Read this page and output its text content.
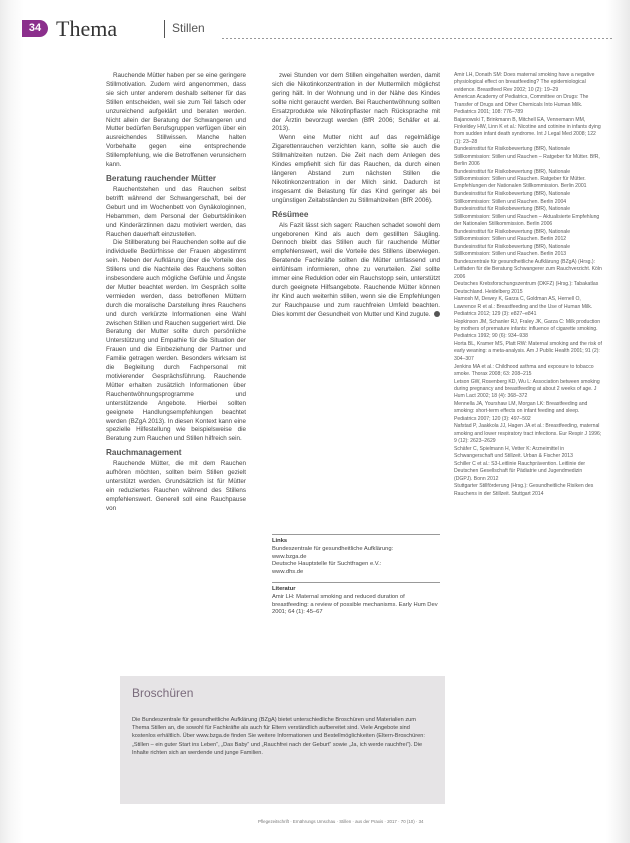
34 Thema	Stillen

Rauchende Mütter haben per se eine geringere Stillmotivation. Zudem wird angenommen, dass sie sich unter anderem deshalb seltener für das Stillen entscheiden, weil sie zum Teil falsch oder unzureichend aufgeklärt und beraten werden. Nicht allein der Beratung der Schwangeren und Mutter bedürfen Berufsgruppen verfügen über ein ausreichendes Stillwissen. Manche halten Vorbehalte gegen eine entsprechende Stillempfehlung, wie die Betroffenen verunsichern kann.

Beratung rauchender Mütter

Rauchentstehen und das Rauchen selbst betrifft während der Schwangerschaft, bei der Geburt und im Wochenbett von Gynäkologinnen, Hebammen, dem Personal der Geburtskliniken und Kinderärztinnen dazu motiviert werden, das Rauchen dauerhaft einzustellen.

Die Stillberatung bei Rauchenden sollte auf die individuelle Bedürfnisse der Frauen abgestimmt sein. Neben der Aufklärung über die Vorteile des Stillens und die Nachteile des Rauchens sollten insbesondere auch mögliche Gefühle und Ängste der Mutter beachtet werden. Im Gespräch sollte vermieden werden, dass betroffenen Müttern durch die moralische Darstellung ihres Rauchens und durch verkürzte Informationen eine Wahl zwischen Stillen und Rauchen suggeriert wird. Die Beratung der Mutter sollte durch persönliche Unterstützung und Empathie für die Situation der Frauen und die Einbeziehung der Partner und Familie getragen werden. Besonders wirksam ist die Begleitung durch Fachpersonal mit motivierender Gesprächsführung. Rauchende Mütter erhalten zusätzlich Informationen über Rauchentwöhnungsprogramme und unterstützende Angebote. Hierbei sollten geeignete Handlungsempfehlungen beachtet werden (BZgA 2013). In diesen Kontext kann eine spezielle Hilfestellung wie beispielsweise die Beratung zum Rauchen und Stillen hilfreich sein.

Rauchmanagement

Rauchende Mütter, die mit dem Rauchen aufhören möchten, sollten beim Stillen gezielt unterstützt werden. Grundsätzlich ist für Mütter ein reduziertes Rauchen während des Stillens empfehlenswert. Generell soll eine Rauchpause von

zwei Stunden vor dem Stillen eingehalten werden, damit sich die Nikotinkonzentration in der Muttermilch möglichst gering hält. In der Wohnung und in der Nähe des Kindes sollte nicht geraucht werden. Bei Rauchentwöhnung sollten Ersatzprodukte wie Nikotinpflaster nach Rücksprache mit der Ärztin bevorzugt werden (BfR 2006; Schäfer et al. 2013).

Wenn eine Mutter nicht auf das regelmäßige Zigarettenrauchen verzichten kann, sollte sie auch die Stillmahlzeiten nutzen. Die Zeit nach dem Anlegen des Kindes empfiehlt sich für das Rauchen, da durch einen längeren Abstand zum nächsten Stillen die Nikotinkonzentration in der Milch sinkt. Dadurch ist insgesamt die Belastung für das Kind geringer als bei ungünstigen Zeitabständen zu Stillmahlzeiten (BfR 2006).

Résümee

Als Fazit lässt sich sagen: Rauchen schadet sowohl dem ungeborenen Kind als auch dem gestillten Säugling. Dennoch bleibt das Stillen auch für rauchende Mütter empfehlenswert, weil die Vorteile des Stillens überwiegen. Beratende Fachkräfte sollten die Mütter umfassend und einfühlsam informieren, ohne zu verurteilen. Ziel sollte immer eine Reduktion oder ein Rauchstopp sein, unterstützt durch geeignete Hilfsangebote. Rauchende Mütter können ihr Kind auch weiterhin stillen, wenn sie die Empfehlungen zur Rauchpause und zum rauchfreien Umfeld beachten. Dies kommt der Gesundheit von Mutter und Kind zugute.

Links
Bundeszentrale für gesundheitliche Aufklärung:
www.bzga.de
Deutsche Hauptstelle für Suchtfragen e.V.:
www.dhs.de
Literatur
Amir LH: Maternal smoking and reduced duration of breastfeeding: a review of possible mechanisms. Early Hum Dev 2001; 64 (1): 45–67
Amir LH, Donath SM: Does maternal smoking have a negative physiological effect on breastfeeding? The epidemiological evidence. Breastfeed Rev 2002; 10 (2): 19–29
American Academy of Pediatrics, Committee on Drugs: The Transfer of Drugs and Other Chemicals Into Human Milk. Pediatrics 2001; 108: 776–789
Bajanowski T, Brinkmann B, Mitchell EA, Vennemann MM, Finkeldey HW, Linn K et al.: Nicotine and cotinine in infants dying from sudden infant death syndrome. Int J Legal Med 2008; 122 (1): 23–28
Bundesinstitut für Risikobewertung (BfR), Nationale Stillkommission: Stillen und Rauchen – Ratgeber für Mütter. BfR, Berlin 2006
Bundesinstitut für Risikobewertung (BfR), Nationale Stillkommission: Stillen und Rauchen. Ratgeber für Mütter. Empfehlungen der Nationalen Stillkommission. Berlin 2001
Bundesinstitut für Risikobewertung (BfR), Nationale Stillkommission: Stillen und Rauchen. Berlin 2004
Bundesinstitut für Risikobewertung (BfR), Nationale Stillkommission: Stillen und Rauchen – Aktualisierte Empfehlung der Nationalen Stillkommission. Berlin 2006
Bundesinstitut für Risikobewertung (BfR), Nationale Stillkommission: Stillen und Rauchen. Berlin 2012
Bundesinstitut für Risikobewertung (BfR), Nationale Stillkommission: Stillen und Rauchen. Berlin 2013
Bundeszentrale für gesundheitliche Aufklärung (BZgA) (Hrsg.): Leitfaden für die Beratung Schwangerer zum Rauchverzicht. Köln 2006
Deutsches Krebsforschungszentrum (DKFZ) (Hrsg.): Tabakatlas Deutschland. Heidelberg 2015
Hamosh M, Dewey K, Garza C, Goldman AS, Hernell O, Lawrence R et al.: Breastfeeding and the Use of Human Milk. Pediatrics 2012; 129 (3): e827–e841
Hopkinson JM, Schanler RJ, Fraley JK, Garza C: Milk production by mothers of premature infants: influence of cigarette smoking. Pediatrics 1992; 90 (6): 934–938
Horta BL, Kramer MS, Platt RW: Maternal smoking and the risk of early weaning: a meta-analysis. Am J Public Health 2001; 91 (2): 304–307
Jenkins MA et al.: Childhood asthma and exposure to tobacco smoke. Thorax 2008; 63: 208–215
Letson GW, Rosenberg KD, Wu L: Association between smoking during pregnancy and breastfeeding at about 2 weeks of age. J Hum Lact 2002; 18 (4): 368–372
Mennella JA, Yourshaw LM, Morgan LK: Breastfeeding and smoking: short-term effects on infant feeding and sleep. Pediatrics 2007; 120 (3): 497–502
Nafstad P, Jaakkola JJ, Hagen JA et al.: Breastfeeding, maternal smoking and lower respiratory tract infections. Eur Respir J 1996; 9 (12): 2623–2629
Schäfer C, Spielmann H, Vetter K: Arzneimittel in Schwangerschaft und Stillzeit. Urban & Fischer 2013
Schiller C et al.: S3-Leitlinie Rauchprävention. Leitlinie der Deutschen Gesellschaft für Pädiatrie und Jugendmedizin (DGPJ). Bonn 2012
Stuttgarter Stillförderung (Hrsg.): Gesundheitliche Risiken des Rauchens in der Stillzeit. Stuttgart 2014
Broschüren
Die Bundeszentrale für gesundheitliche Aufklärung (BZgA) bietet unterschiedliche Broschüren und Materialien zum Thema Stillen an, die sowohl für Fachkräfte als auch für Eltern verständlich aufbereitet sind. Viele Angebote sind kostenlos erhältlich. Über www.bzga.de finden Sie weitere Informationen und Bestellmöglichkeiten (Eltern-Broschüren: „Stillen – ein guter Start ins Leben“, „Das Baby“ und „Rauchfrei nach der Geburt“ sowie „Ja, ich werde rauchfrei“). Die Inhalte richten sich an werdende und junge Familien.
Pflegezeitschrift · Ernährungs Umschau · Stillen · aus der Praxis · 2017 · 70 (10) · 34
